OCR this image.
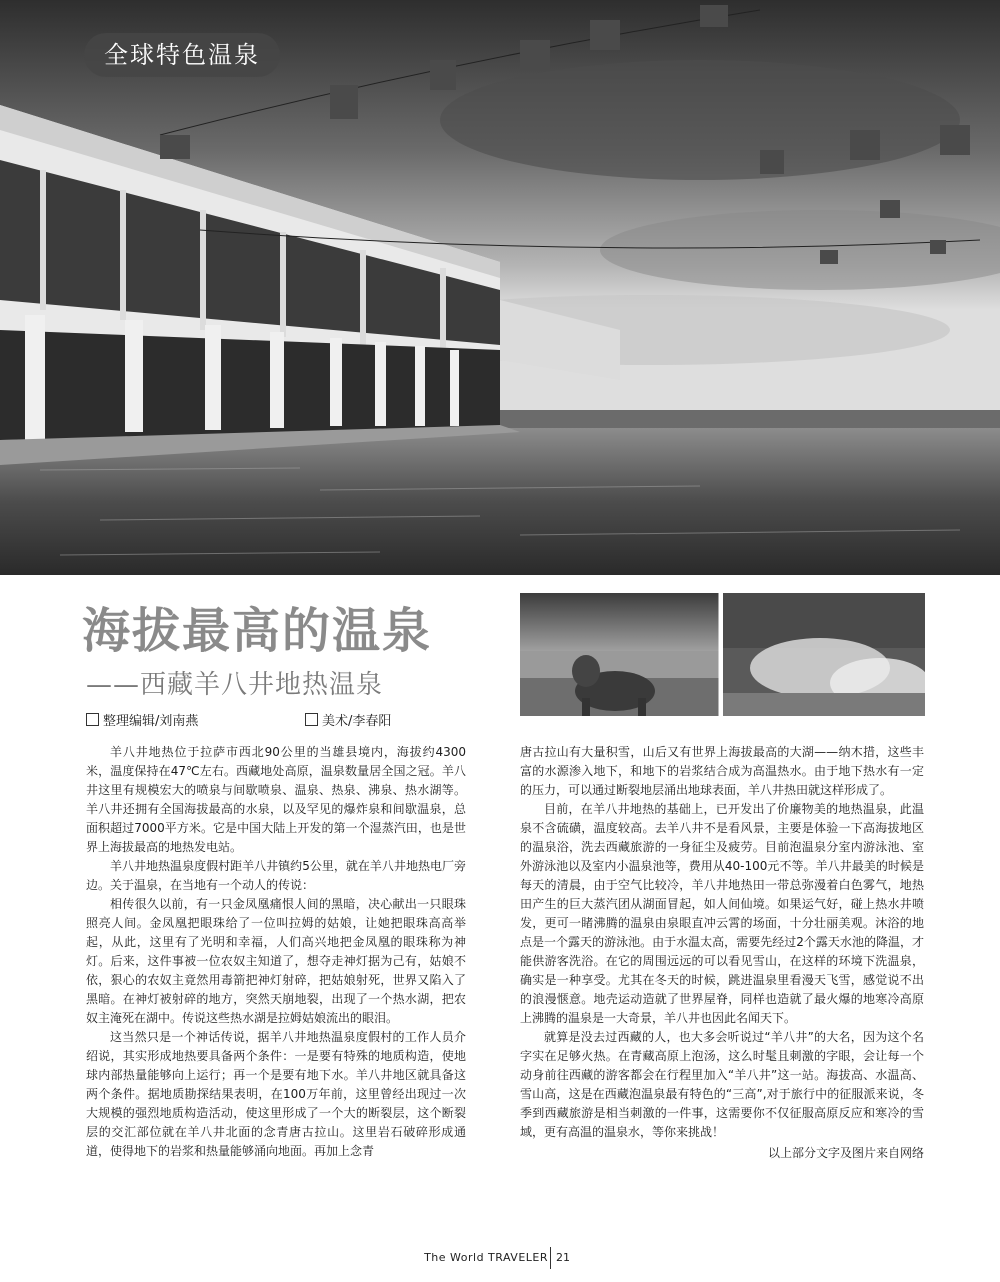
全球特色温泉
海拔最高的温泉
——西藏羊八井地热温泉
整理编辑/刘南燕	美术/李春阳

羊八井地热位于拉萨市西北90公里的当雄县境内，海拔约4300米，温度保持在47℃左右。西藏地处高原，温泉数量居全国之冠。羊八井这里有规模宏大的喷泉与间歇喷泉、温泉、热泉、沸泉、热水湖等。羊八井还拥有全国海拔最高的水泉，以及罕见的爆炸泉和间歇温泉，总面积超过7000平方米。它是中国大陆上开发的第一个湿蒸汽田，也是世界上海拔最高的地热发电站。

羊八井地热温泉度假村距羊八井镇约5公里，就在羊八井地热电厂旁边。关于温泉，在当地有一个动人的传说：

相传很久以前，有一只金凤凰痛恨人间的黑暗，决心献出一只眼珠照亮人间。金凤凰把眼珠给了一位叫拉姆的姑娘，让她把眼珠高高举起，从此，这里有了光明和幸福，人们高兴地把金凤凰的眼珠称为神灯。后来，这件事被一位农奴主知道了，想夺走神灯据为己有，姑娘不依，狠心的农奴主竟然用毒箭把神灯射碎，把姑娘射死，世界又陷入了黑暗。在神灯被射碎的地方，突然天崩地裂，出现了一个热水湖，把农奴主淹死在湖中。传说这些热水湖是拉姆姑娘流出的眼泪。

这当然只是一个神话传说，据羊八井地热温泉度假村的工作人员介绍说，其实形成地热要具备两个条件：一是要有特殊的地质构造，使地球内部热量能够向上运行；再一个是要有地下水。羊八井地区就具备这两个条件。据地质勘探结果表明，在100万年前，这里曾经出现过一次大规模的强烈地质构造活动，使这里形成了一个大的断裂层，这个断裂层的交汇部位就在羊八井北面的念青唐古拉山。这里岩石破碎形成通道，使得地下的岩浆和热量能够涌向地面。再加上念青

唐古拉山有大量积雪，山后又有世界上海拔最高的大湖——纳木措，这些丰富的水源渗入地下，和地下的岩浆结合成为高温热水。由于地下热水有一定的压力，可以通过断裂地层涌出地球表面，羊八井热田就这样形成了。

目前，在羊八井地热的基础上，已开发出了价廉物美的地热温泉，此温泉不含硫磺，温度较高。去羊八井不是看风景，主要是体验一下高海拔地区的温泉浴，洗去西藏旅游的一身征尘及疲劳。目前泡温泉分室内游泳池、室外游泳池以及室内小温泉池等，费用从40-100元不等。羊八井最美的时候是每天的清晨，由于空气比较冷，羊八井地热田一带总弥漫着白色雾气，地热田产生的巨大蒸汽团从湖面冒起，如人间仙境。如果运气好，碰上热水井喷发，更可一睹沸腾的温泉由泉眼直冲云霄的场面，十分壮丽美观。沐浴的地点是一个露天的游泳池。由于水温太高，需要先经过2个露天水池的降温，才能供游客洗浴。在它的周围远远的可以看见雪山，在这样的环境下洗温泉，确实是一种享受。尤其在冬天的时候，跳进温泉里看漫天飞雪，感觉说不出的浪漫惬意。地壳运动造就了世界屋脊，同样也造就了最火爆的地寒冷高原上沸腾的温泉是一大奇景，羊八井也因此名闻天下。

就算是没去过西藏的人，也大多会听说过“羊八井”的大名，因为这个名字实在足够火热。在青藏高原上泡汤，这么时髦且刺激的字眼，会让每一个动身前往西藏的游客都会在行程里加入“羊八井”这一站。海拔高、水温高、雪山高，这是在西藏泡温泉最有特色的“三高”,对于旅行中的征服派来说，冬季到西藏旅游是相当刺激的一件事，这需要你不仅征服高原反应和寒冷的雪域，更有高温的温泉水，等你来挑战！

以上部分文字及图片来自网络

The World TRAVELER 21
